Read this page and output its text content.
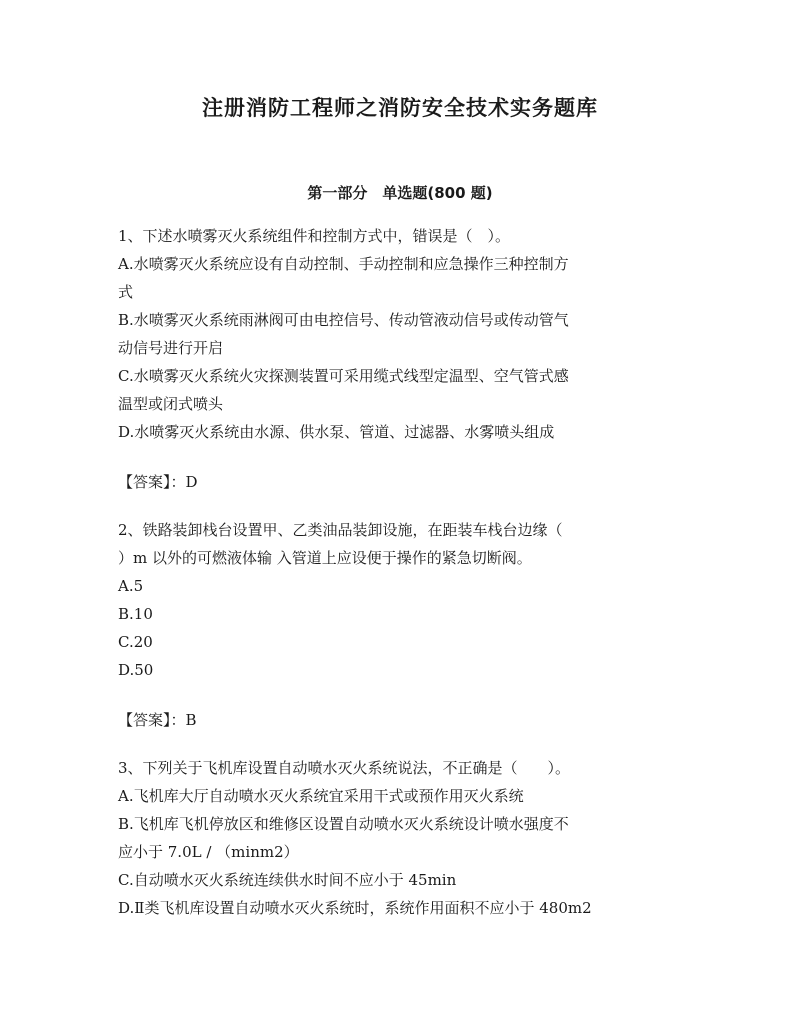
注册消防工程师之消防安全技术实务题库
第一部分　单选题(800 题)

1、下述水喷雾灭火系统组件和控制方式中，错误是（　）。

A.水喷雾灭火系统应设有自动控制、手动控制和应急操作三种控制方

式

B.水喷雾灭火系统雨淋阀可由电控信号、传动管液动信号或传动管气

动信号进行开启

C.水喷雾灭火系统火灾探测装置可采用缆式线型定温型、空气管式感

温型或闭式喷头

D.水喷雾灭火系统由水源、供水泵、管道、过滤器、水雾喷头组成

【答案】：D

2、铁路装卸栈台设置甲、乙类油品装卸设施，在距装车栈台边缘（

）m 以外的可燃液体输 入管道上应设便于操作的紧急切断阀。

A.5

B.10

C.20

D.50

【答案】：B

3、下列关于飞机库设置自动喷水灭火系统说法，不正确是（　　）。

A.飞机库大厅自动喷水灭火系统宜采用干式或预作用灭火系统

B.飞机库飞机停放区和维修区设置自动喷水灭火系统设计喷水强度不

应小于 7.0L / （minm2）

C.自动喷水灭火系统连续供水时间不应小于 45min

D.Ⅱ类飞机库设置自动喷水灭火系统时，系统作用面积不应小于 480m2
